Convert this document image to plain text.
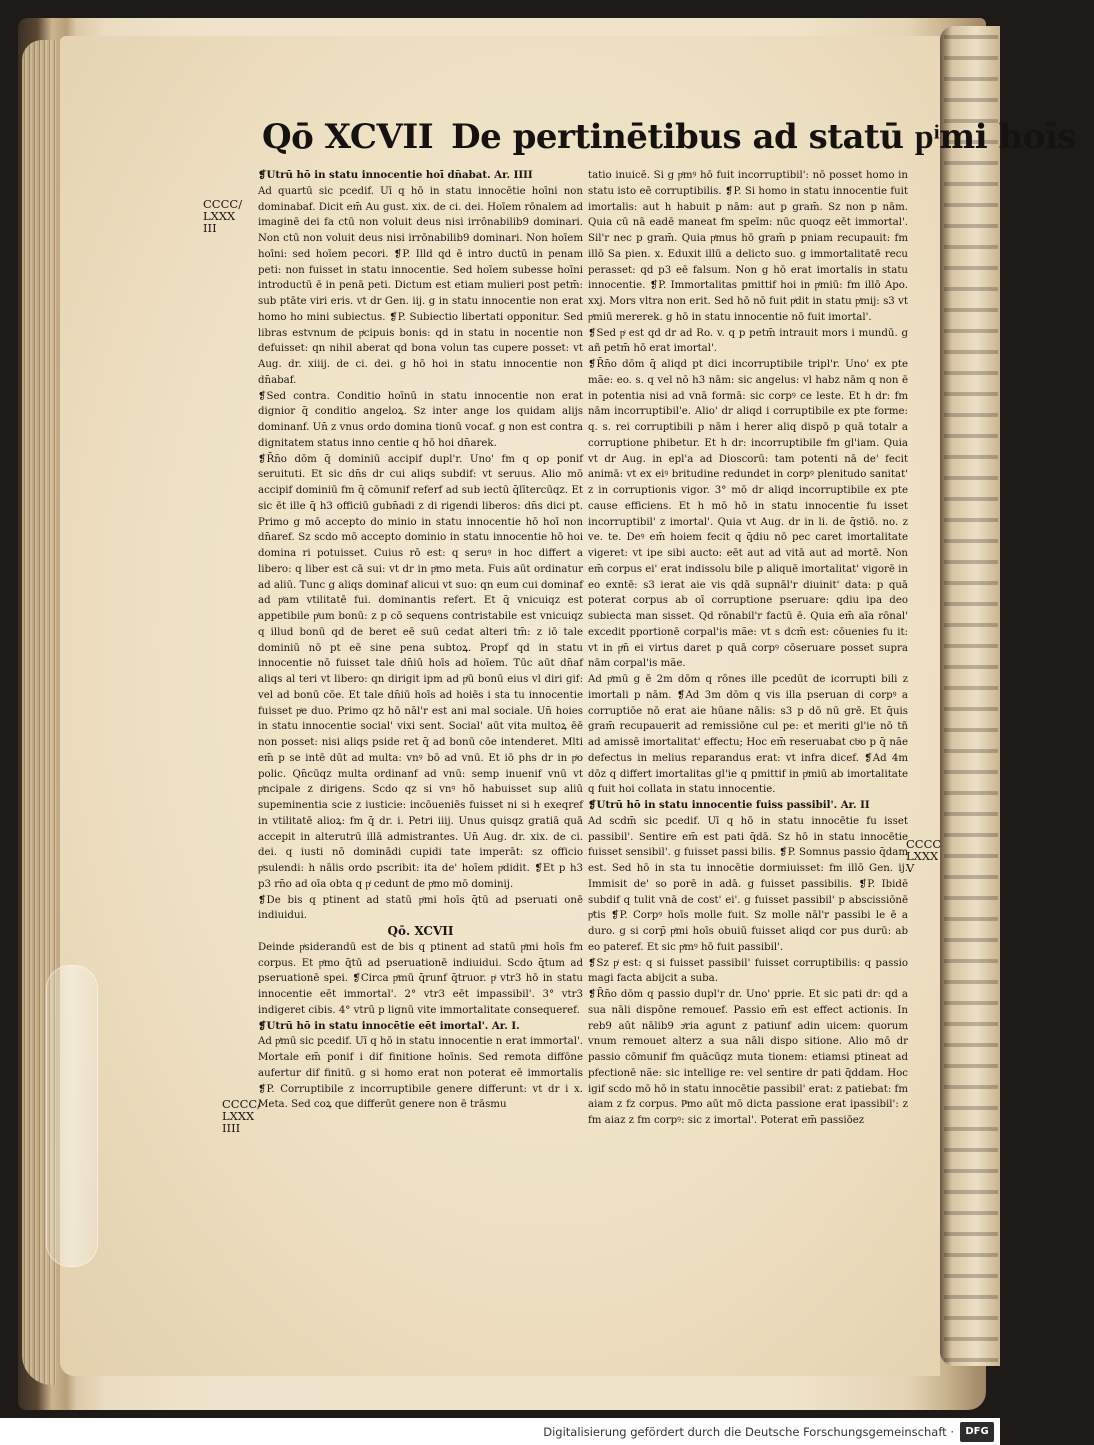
Qō XCVII De pertinētibus ad statū pͥmi hoīs
CCCC/
LXXX
III
CCCC/
LXXX
IIII
CCCC
LXXX
V

❡Utrū hō in statu innocentie hoī dn̄abat. Ar. IIII

Ad quartū sic pcedif. Uī q hō in statu innocētie hoīni non dominabaf. Dicit em̄ Au gust. xix. de ci. dei. Hoīem rōnalem ad imaginē dei fa ctū non voluit deus nisi irrōnabilib9 dominari. Non ctū non voluit deus nisi irrōnabilib9 dominari. Non hoīem hoīni: sed hoīem pecori. ❡P. Illd qd ē intro ductū in penam peti: non fuisset in statu innocentie. Sed hoīem subesse hoīni introductū ē in penā peti. Dictum est etiam mulieri post petm̄: sub ptāte viri eris. vt dr Gen. iij. g in statu innocentie non erat homo ho mini subiectus. ❡P. Subiectio libertati opponitur. Sed libras estvnum de pͥcipuis bonis: qd in statu in nocentie non defuisset: qn nihil aberat qd bona volun tas cupere posset: vt Aug. dr. xiiij. de ci. dei. g hō hoi in statu innocentie non dn̄abaf.

❡Sed contra. Conditio hoīnū in statu innocentie non erat dignior q̄ conditio angeloꝝ. Sz inter ange los quidam alijs dominanf. Un̄ z vnus ordo domina tionū vocaf. g non est contra dignitatem status inno centie q hō hoi dn̄arek.

❡R̄n̄o dōm q̄ dominiū accipif dupl'r. Uno' fm q op ponif seruituti. Et sic dn̄s dr cui aliqs subdif: vt seruus. Alio mō accipif dominiū fm q̄ cōmunif referf ad sub iectū q̄lītercūqz. Et sic ēt ille q̄ h3 officiū gubn̄adi z di rigendi liberos: dn̄s dici pt. Primo g mō accepto do minio in statu innocentie hō hoī non dn̄aref. Sz scdo mō accepto dominio in statu innocentie hō hoi domina ri potuisset. Cuius rō est: q seruꝰ in hoc differt a libero: q liber est cā sui: vt dr in pͥmo meta. Fuis aūt ordinatur ad aliū. Tunc g aliqs dominaf alicui vt suo: qn eum cui dominaf ad pͥam vtilitatē fui. dominantis refert. Et q̄ vnicuiqz est appetibile pͥum bonū: z p cō sequens contristabile est vnicuiqz q illud bonū qd de beret eē suū cedat alteri tm̄: z iō tale dominiū nō pt eē sine pena subtoꝝ. Propf qd in statu innocentie nō fuisset tale dn̄iū hoīs ad hoīem. Tūc aūt dn̄af aliqs al teri vt libero: qn dirigit ipm ad pͥū bonū eius vl diri gif: vel ad bonū cōe. Et tale dn̄iū hoīs ad hoiēs i sta tu innocentie fuisset pͥe duo. Primo qz hō nāl'r est ani mal sociale. Un̄ hoies in statu innocentie social' vixi sent. Social' aūt vita multoꝝ ēē non posset: nisi aliqs pside ret q̄ ad bonū cōe intenderet. Mlti em̄ p se intē dūt ad multa: vnꝰ bō ad vnū. Et iō phs dr in pͥo polic. Qn̄cūqz multa ordinanf ad vnū: semp inuenif vnū vt pͥncipale z dirigens. Scdo qz si vnꝰ hō habuisset sup aliū supeminentia scie z iusticie: incōueniēs fuisset ni si h exeqref in vtilitatē alioꝝ: fm q̄ dr. i. Petri iiij. Unus quisqz gratiā quā accepit in alterutrū illā admistrantes. Un̄ Aug. dr. xix. de ci. dei. q iusti nō dominādi cupidi tate imperāt: sz officio pͥsulendi: h nālis ordo pscribit: ita de' hoīem pͥdidit. ❡Et p h3 p3 rn̄o ad oīa obta q pͥ cedunt de pͥmo mō dominij.

❡De bis q ptinent ad statū pͥmi hoīs q̄tū ad pseruati onē indiuidui.

Qō. XCVII

Deinde pͥsiderandū est de bis q ptinent ad statū pͥmi hoīs fm corpus. Et pͥmo q̄tū ad pseruationē indiuidui. Scdo q̄tum ad pseruationē spei. ❡Circa pͥmū q̄runf q̄truor. pͥ vtr3 hō in statu innocentie eēt immortal'. 2° vtr3 eēt impassibil'. 3° vtr3 indigeret cibis. 4° vtrū p lignū vite immortalitate consequeref.

❡Utrū hō in statu innocētie eēt imortal'. Ar. I.

Ad pͥmū sic pcedif. Uī q hō in statu innocentie n erat immortal'. Mortale em̄ ponif i dif finitione hoīnis. Sed remota diffōne aufertur dif finitū. g si homo erat non poterat eē immortalis ❡P. Corruptibile z incorruptibile genere differunt: vt dr i x. Meta. Sed coꝝ que differūt genere non ē trāsmu

tatio inuicē. Si g pͥmꝰ hō fuit incorruptibil': nō posset homo in statu isto eē corruptibilis. ❡P. Si homo in statu innocentie fuit imortalis: aut h habuit p nām: aut p gram̄. Sz non p nām. Quia cū nā eadē maneat fm speīm: nūc quoqz eēt immortal'. Sil'r nec p gram̄. Quia pͥmus hō gram̄ p pniam recupauit: fm illō Sa pien. x. Eduxit illū a delicto suo. g immortalitatē recu perasset: qd p3 eē falsum. Non g hō erat imortalis in statu innocentie. ❡P. Immortalitas pmittif hoi in pͥmiū: fm illō Apo. xxj. Mors vltra non erit. Sed hō nō fuit pͥdit in statu pͥmij: s3 vt pͥmiū mererek. g hō in statu innocentie nō fuit imortal'.

❡Sed pͥ est qd dr ad Ro. v. q p petm̄ intrauit mors i mundū. g añ petm̄ hō erat imortal'.

❡R̄n̄o dōm q̄ aliqd pt dici incorruptibile tripl'r. Uno' ex pte mãe: eo. s. q vel nō h3 nām: sic angelus: vl habz nām q non ē in potentia nisi ad vnā formā: sic corpꝰ ce leste. Et h dr: fm nām incorruptibil'e. Alio' dr aliqd i corruptibile ex pte forme: q. s. rei corruptibili p nām i herer aliq dispō p quā totalr a corruptione phibetur. Et h dr: incorruptibile fm gl'iam. Quia vt dr Aug. in epl'a ad Dioscorū: tam potenti nā de' fecit animā: vt ex eiꝰ britudine redundet in corpꝰ plenitudo sanitat' z in corruptionis vigor. 3° mō dr aliqd incorruptibile ex pte cause efficiens. Et h mō hō in statu innocentie fu isset incorruptibil' z imortal'. Quia vt Aug. dr in li. de q̄stiō. no. z ve. te. Deꝰ em̄ hoiem fecit q q̄diu nō pec caret imortalitate vigeret: vt ipe sibi aucto: eēt aut ad vitā aut ad mortē. Non em̄ corpus ei' erat indissolu bile p aliquē imortalitat' vigorē in eo exntē: s3 ierat aie vis qdā supnāl'r diuinit' data: p quā poterat corpus ab oī corruptione pseruare: qdiu ipa deo subiecta man sisset. Qd rōnabil'r factū ē. Quia em̄ aīa rōnal' excedit pportionē corpal'is mãe: vt s dcm̄ est: cōuenies fu it: vt in pͥn̄ ei virtus daret p quā corpꝰ cōseruare posset supra nām corpal'is mãe.

Ad pͥmū g ē 2m dōm q rōnes ille pcedūt de icorrupti bili z imortali p nām. ❡Ad 3m dōm q vis illa pseruan di corpꝰ a corruptiōe nō erat aie hūane nālis: s3 p dō nū grē. Et q̄uis gram̄ recupauerit ad remissiōne cul pe: et meriti gl'ie nō tñ ad amissē imortalitat' effectu; Hoc em̄ reseruabat cbͥo p q̄ nãe defectus in melius reparandus erat: vt infra dicef. ❡Ad 4m dōz q differt imortalitas gl'ie q pmittif in pͥmiū ab imortalitate q fuit hoi collata in statu innocentie.

❡Utrū hō in statu innocentie fuiss passibil'. Ar. II

Ad scdm̄ sic pcedif. Uī q hō in statu innocētie fu isset passibil'. Sentire em̄ est pati q̄dā. Sz hō in statu innocētie fuisset sensibil'. g fuisset passi bilis. ❡P. Somnus passio q̄dam est. Sed hō in sta tu innocētie dormiuisset: fm illō Gen. ij. Immisit de' so porē in adā. g fuisset passibilis. ❡P. Ibidē subdif q tulit vnā de cost' ei'. g fuisset passibil' p abscissiōnē pͥtis ❡P. Corpꝰ hoīs molle fuit. Sz molle nāl'r passibi le ē a duro. g si corp̄ pͥmi hoīs obuiū fuisset aliqd cor pus durū: ab eo pateref. Et sic pͥmꝰ hō fuit passibil'.

❡Sz pͥ est: q si fuisset passibil' fuisset corruptibilis: q passio magi facta abijcit a suba.

❡R̄n̄o dōm q passio dupl'r dr. Uno' pprie. Et sic pati dr: qd a sua nāli dispōne remouef. Passio em̄ est effect actionis. In reb9 aūt nālib9 ɔͥria agunt z patiunf adin uicem: quorum vnum remouet alterz a sua nāli dispo sitione. Alio mō dr passio cōmunif fm quācūqz muta tionem: etiamsi ptineat ad pfectionē nãe: sic intellige re: vel sentire dr pati q̄ddam. Hoc igif scdo mō hō in statu innocētie passibil' erat: z patiebat: fm aiam z fz corpus. Pͥmo aūt mō dicta passione erat ipassibil': z fm aiaz z fm corpꝰ: sic z imortal'. Poterat em̄ passiōez

Digitalisierung gefördert durch die Deutsche Forschungsgemeinschaft ·	DFG
